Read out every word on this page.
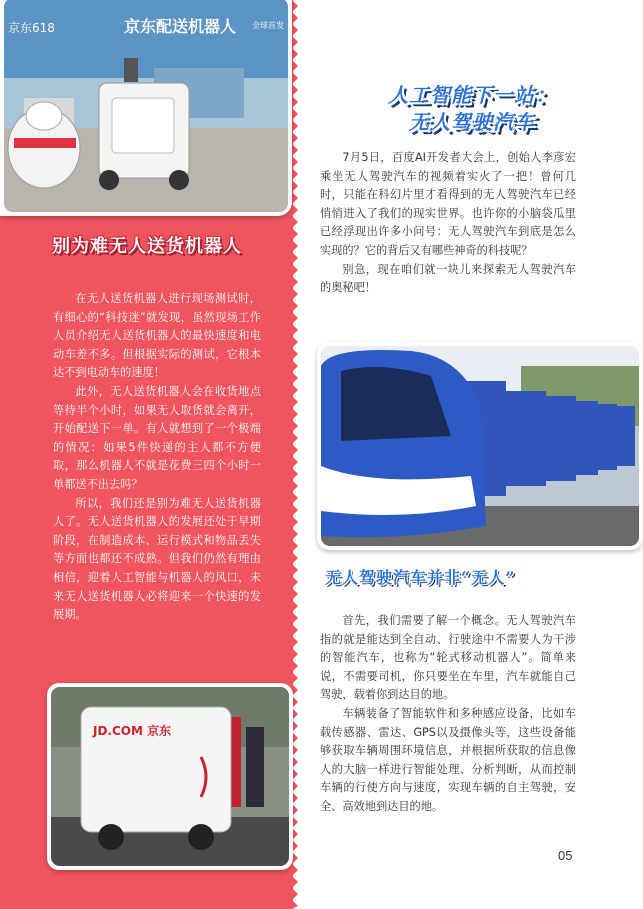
京东配送机器人
京东618	全球首发
别为难无人送货机器人

在无人送货机器人进行现场测试时，有细心的“科技迷”就发现，虽然现场工作人员介绍无人送货机器人的最快速度和电动车差不多。但根据实际的测试，它根本达不到电动车的速度！

此外，无人送货机器人会在收货地点等待半个小时，如果无人取货就会离开，开始配送下一单。有人就想到了一个极端的情况：如果5件快递的主人都不方便取，那么机器人不就是花费三四个小时一单都送不出去吗？

所以，我们还是别为难无人送货机器人了。无人送货机器人的发展还处于早期阶段，在制造成本、运行模式和物品丢失等方面也都还不成熟。但我们仍然有理由相信，迎着人工智能与机器人的风口，未来无人送货机器人必将迎来一个快速的发展期。

JD.COM 京东
人工智能下一站：
无人驾驶汽车

7月5日，百度AI开发者大会上，创始人李彦宏乘坐无人驾驶汽车的视频着实火了一把！曾何几时，只能在科幻片里才看得到的无人驾驶汽车已经悄悄进入了我们的现实世界。也许你的小脑袋瓜里已经浮现出许多小问号：无人驾驶汽车到底是怎么实现的？它的背后又有哪些神奇的科技呢？

别急，现在咱们就一块儿来探索无人驾驶汽车的奥秘吧！

无人驾驶汽车并非“无人”

首先，我们需要了解一个概念。无人驾驶汽车指的就是能达到全自动、行驶途中不需要人为干涉的智能汽车，也称为“轮式移动机器人”。简单来说，不需要司机，你只要坐在车里，汽车就能自己驾驶，载着你到达目的地。

车辆装备了智能软件和多种感应设备，比如车载传感器、雷达、GPS以及摄像头等，这些设备能够获取车辆周围环境信息，并根据所获取的信息像人的大脑一样进行智能处理、分析判断，从而控制车辆的行使方向与速度，实现车辆的自主驾驶，安全、高效地到达目的地。

05
